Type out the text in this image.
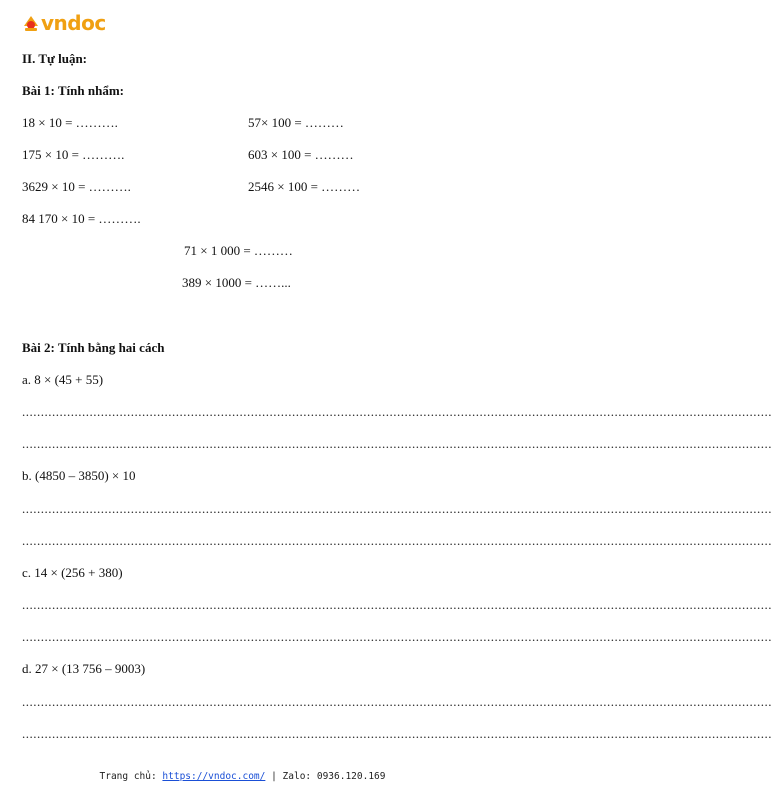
vndoc
II. Tự luận:
Bài 1: Tính nhẩm:
18 × 10 = ……….	57× 100 = ………
175 × 10 = ……….	603 × 100 = ………
3629 × 10 = ……….	2546 × 100 = ………
84 170 × 10 = ……….
71 × 1 000 = ………
389 × 1000 = ……...
Bài 2: Tính bằng hai cách
a. 8 × (45 + 55)
........................................................................................................................................................................................................
........................................................................................................................................................................................................
b. (4850 – 3850) × 10
........................................................................................................................................................................................................
........................................................................................................................................................................................................
c. 14 × (256 + 380)
........................................................................................................................................................................................................
........................................................................................................................................................................................................
d. 27 × (13 756 – 9003)
........................................................................................................................................................................................................
........................................................................................................................................................................................................
Trang chủ: https://vndoc.com/ | Zalo: 0936.120.169
